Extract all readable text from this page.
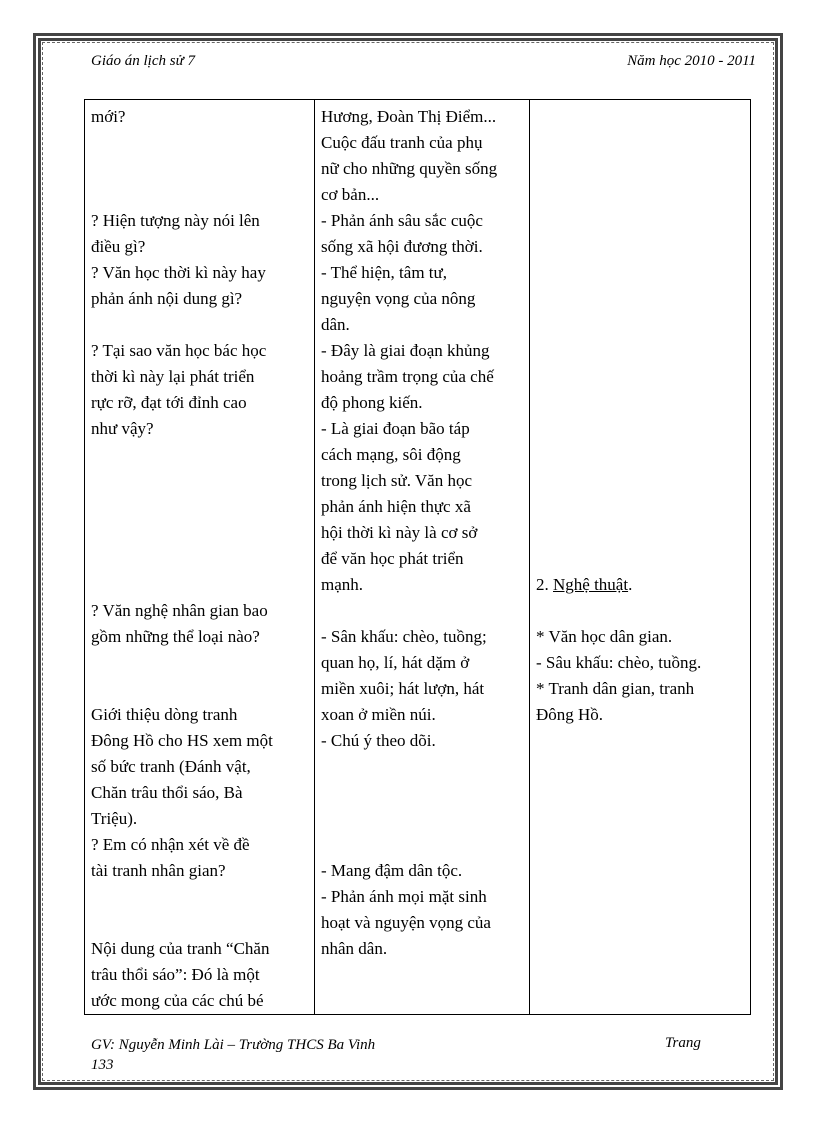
Giáo án lịch sử 7	Năm học 2010 - 2011
mới?
? Hiện tượng này nói lên
điều gì?
? Văn học thời kì này hay
phản ánh nội dung gì?
? Tại sao văn học bác học
thời kì này lại phát triển
rực rỡ, đạt tới đỉnh cao
như vậy?
? Văn nghệ nhân gian bao
gồm những thể loại nào?
Giới thiệu dòng tranh
Đông Hồ cho HS xem một
số bức tranh (Đánh vật,
Chăn trâu thổi sáo, Bà
Triệu).
? Em có nhận xét về đề
tài tranh nhân gian?
Nội dung của tranh “Chăn
trâu thổi sáo”: Đó là một
ước mong của các chú bé

Hương, Đoàn Thị Điểm...
Cuộc đấu tranh của phụ
nữ cho những quyền sống
cơ bản...
- Phản ánh sâu sắc cuộc
sống xã hội đương thời.
- Thể hiện, tâm tư,
nguyện vọng của nông
dân.
- Đây là giai đoạn khủng
hoảng trầm trọng của chế
độ phong kiến.
- Là giai đoạn bão táp
cách mạng, sôi động
trong lịch sử. Văn học
phản ánh hiện thực xã
hội thời kì này là cơ sở
để văn học phát triển
mạnh.
- Sân khấu: chèo, tuồng;
quan họ, lí, hát dặm ở
miền xuôi; hát lượn, hát
xoan ở miền núi.
- Chú ý theo dõi.
- Mang đậm dân tộc.
- Phản ánh mọi mặt sinh
hoạt và nguyện vọng của
nhân dân.

2. Nghệ thuật.
* Văn học dân gian.
- Sâu khấu: chèo, tuồng.
* Tranh dân gian, tranh
Đông Hồ.
GV: Nguyễn Minh Lài – Trường THCS Ba Vinh
133
Trang
